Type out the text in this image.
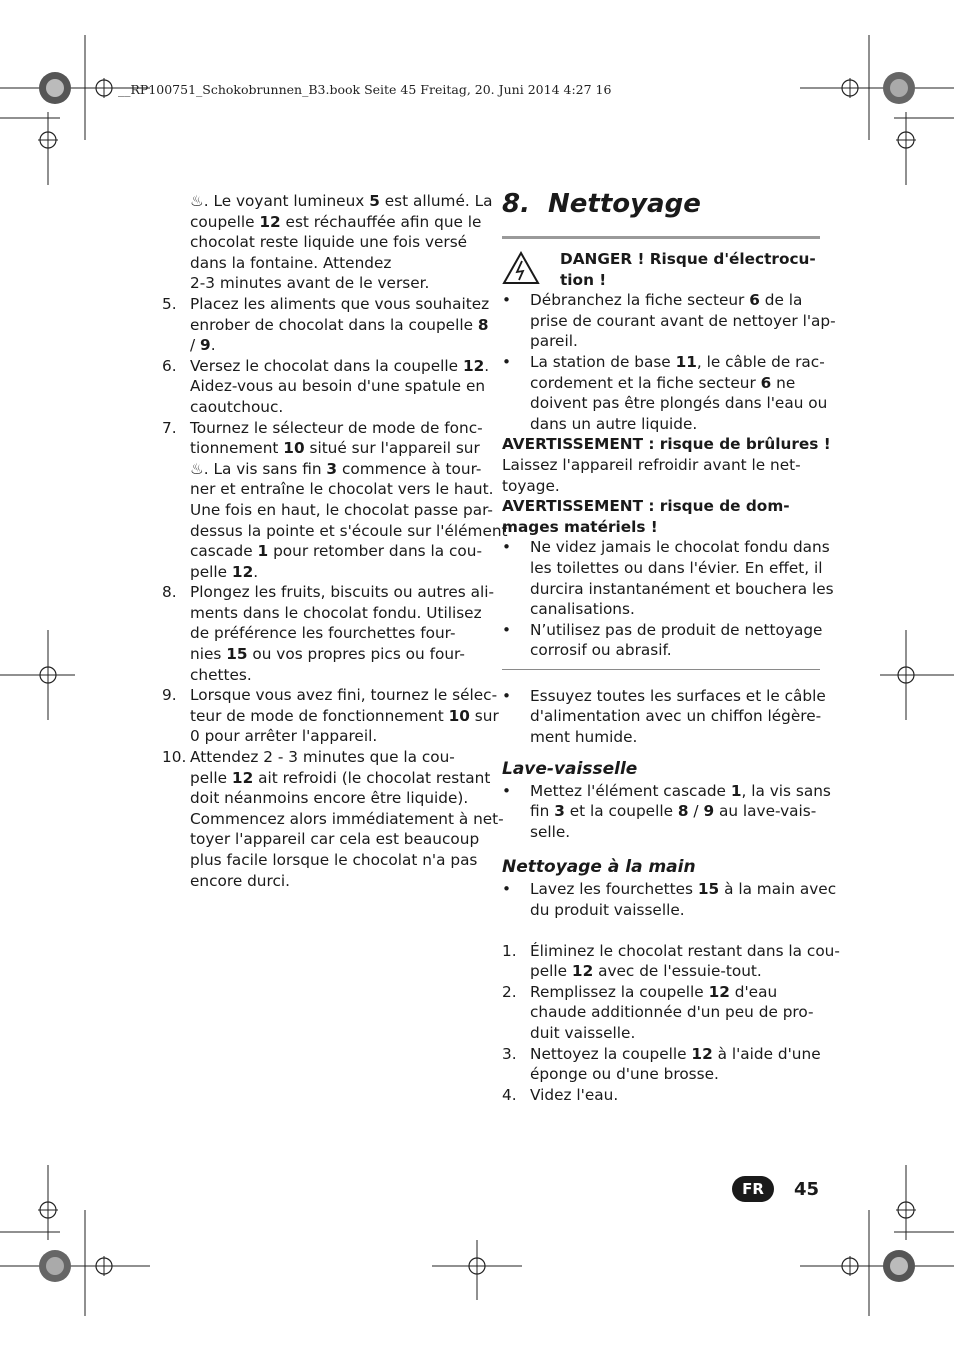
__RP100751_Schokobrunnen_B3.book Seite 45 Freitag, 20. Juni 2014 4:27 16
♨. Le voyant lumineux 5 est allumé. La
coupelle 12 est réchauffée afin que le
chocolat reste liquide une fois versé
dans la fontaine. Attendez
2-3 minutes avant de le verser.
5. Placez les aliments que vous souhaitez
enrober de chocolat dans la coupelle 8
/ 9.
6. Versez le chocolat dans la coupelle 12.
Aidez-vous au besoin d'une spatule en
caoutchouc.
7. Tournez le sélecteur de mode de fonc-
tionnement 10 situé sur l'appareil sur
♨. La vis sans fin 3 commence à tour-
ner et entraîne le chocolat vers le haut.
Une fois en haut, le chocolat passe par-
dessus la pointe et s'écoule sur l'élément
cascade 1 pour retomber dans la cou-
pelle 12.
8. Plongez les fruits, biscuits ou autres ali-
ments dans le chocolat fondu. Utilisez
de préférence les fourchettes four-
nies 15 ou vos propres pics ou four-
chettes.
9. Lorsque vous avez fini, tournez le sélec-
teur de mode de fonctionnement 10 sur
0 pour arrêter l'appareil.
10. Attendez 2 - 3 minutes que la cou-
pelle 12 ait refroidi (le chocolat restant
doit néanmoins encore être liquide).
Commencez alors immédiatement à net-
toyer l'appareil car cela est beaucoup
plus facile lorsque le chocolat n'a pas
encore durci.
8. Nettoyage
DANGER ! Risque d'électrocu-
tion !
• Débranchez la fiche secteur 6 de la
prise de courant avant de nettoyer l'ap-
pareil.
• La station de base 11, le câble de rac-
cordement et la fiche secteur 6 ne
doivent pas être plongés dans l'eau ou
dans un autre liquide.
AVERTISSEMENT : risque de brûlures !
Laissez l'appareil refroidir avant le net-
toyage.
AVERTISSEMENT : risque de dom-
mages matériels !
• Ne videz jamais le chocolat fondu dans
les toilettes ou dans l'évier. En effet, il
durcira instantanément et bouchera les
canalisations.
• N’utilisez pas de produit de nettoyage
corrosif ou abrasif.
• Essuyez toutes les surfaces et le câble
d'alimentation avec un chiffon légère-
ment humide.
Lave-vaisselle
• Mettez l'élément cascade 1, la vis sans
fin 3 et la coupelle 8 / 9 au lave-vais-
selle.
Nettoyage à la main
• Lavez les fourchettes 15 à la main avec
du produit vaisselle.
1. Éliminez le chocolat restant dans la cou-
pelle 12 avec de l'essuie-tout.
2. Remplissez la coupelle 12 d'eau
chaude additionnée d'un peu de pro-
duit vaisselle.
3. Nettoyez la coupelle 12 à l'aide d'une
éponge ou d'une brosse.
4. Videz l'eau.
FR	45
